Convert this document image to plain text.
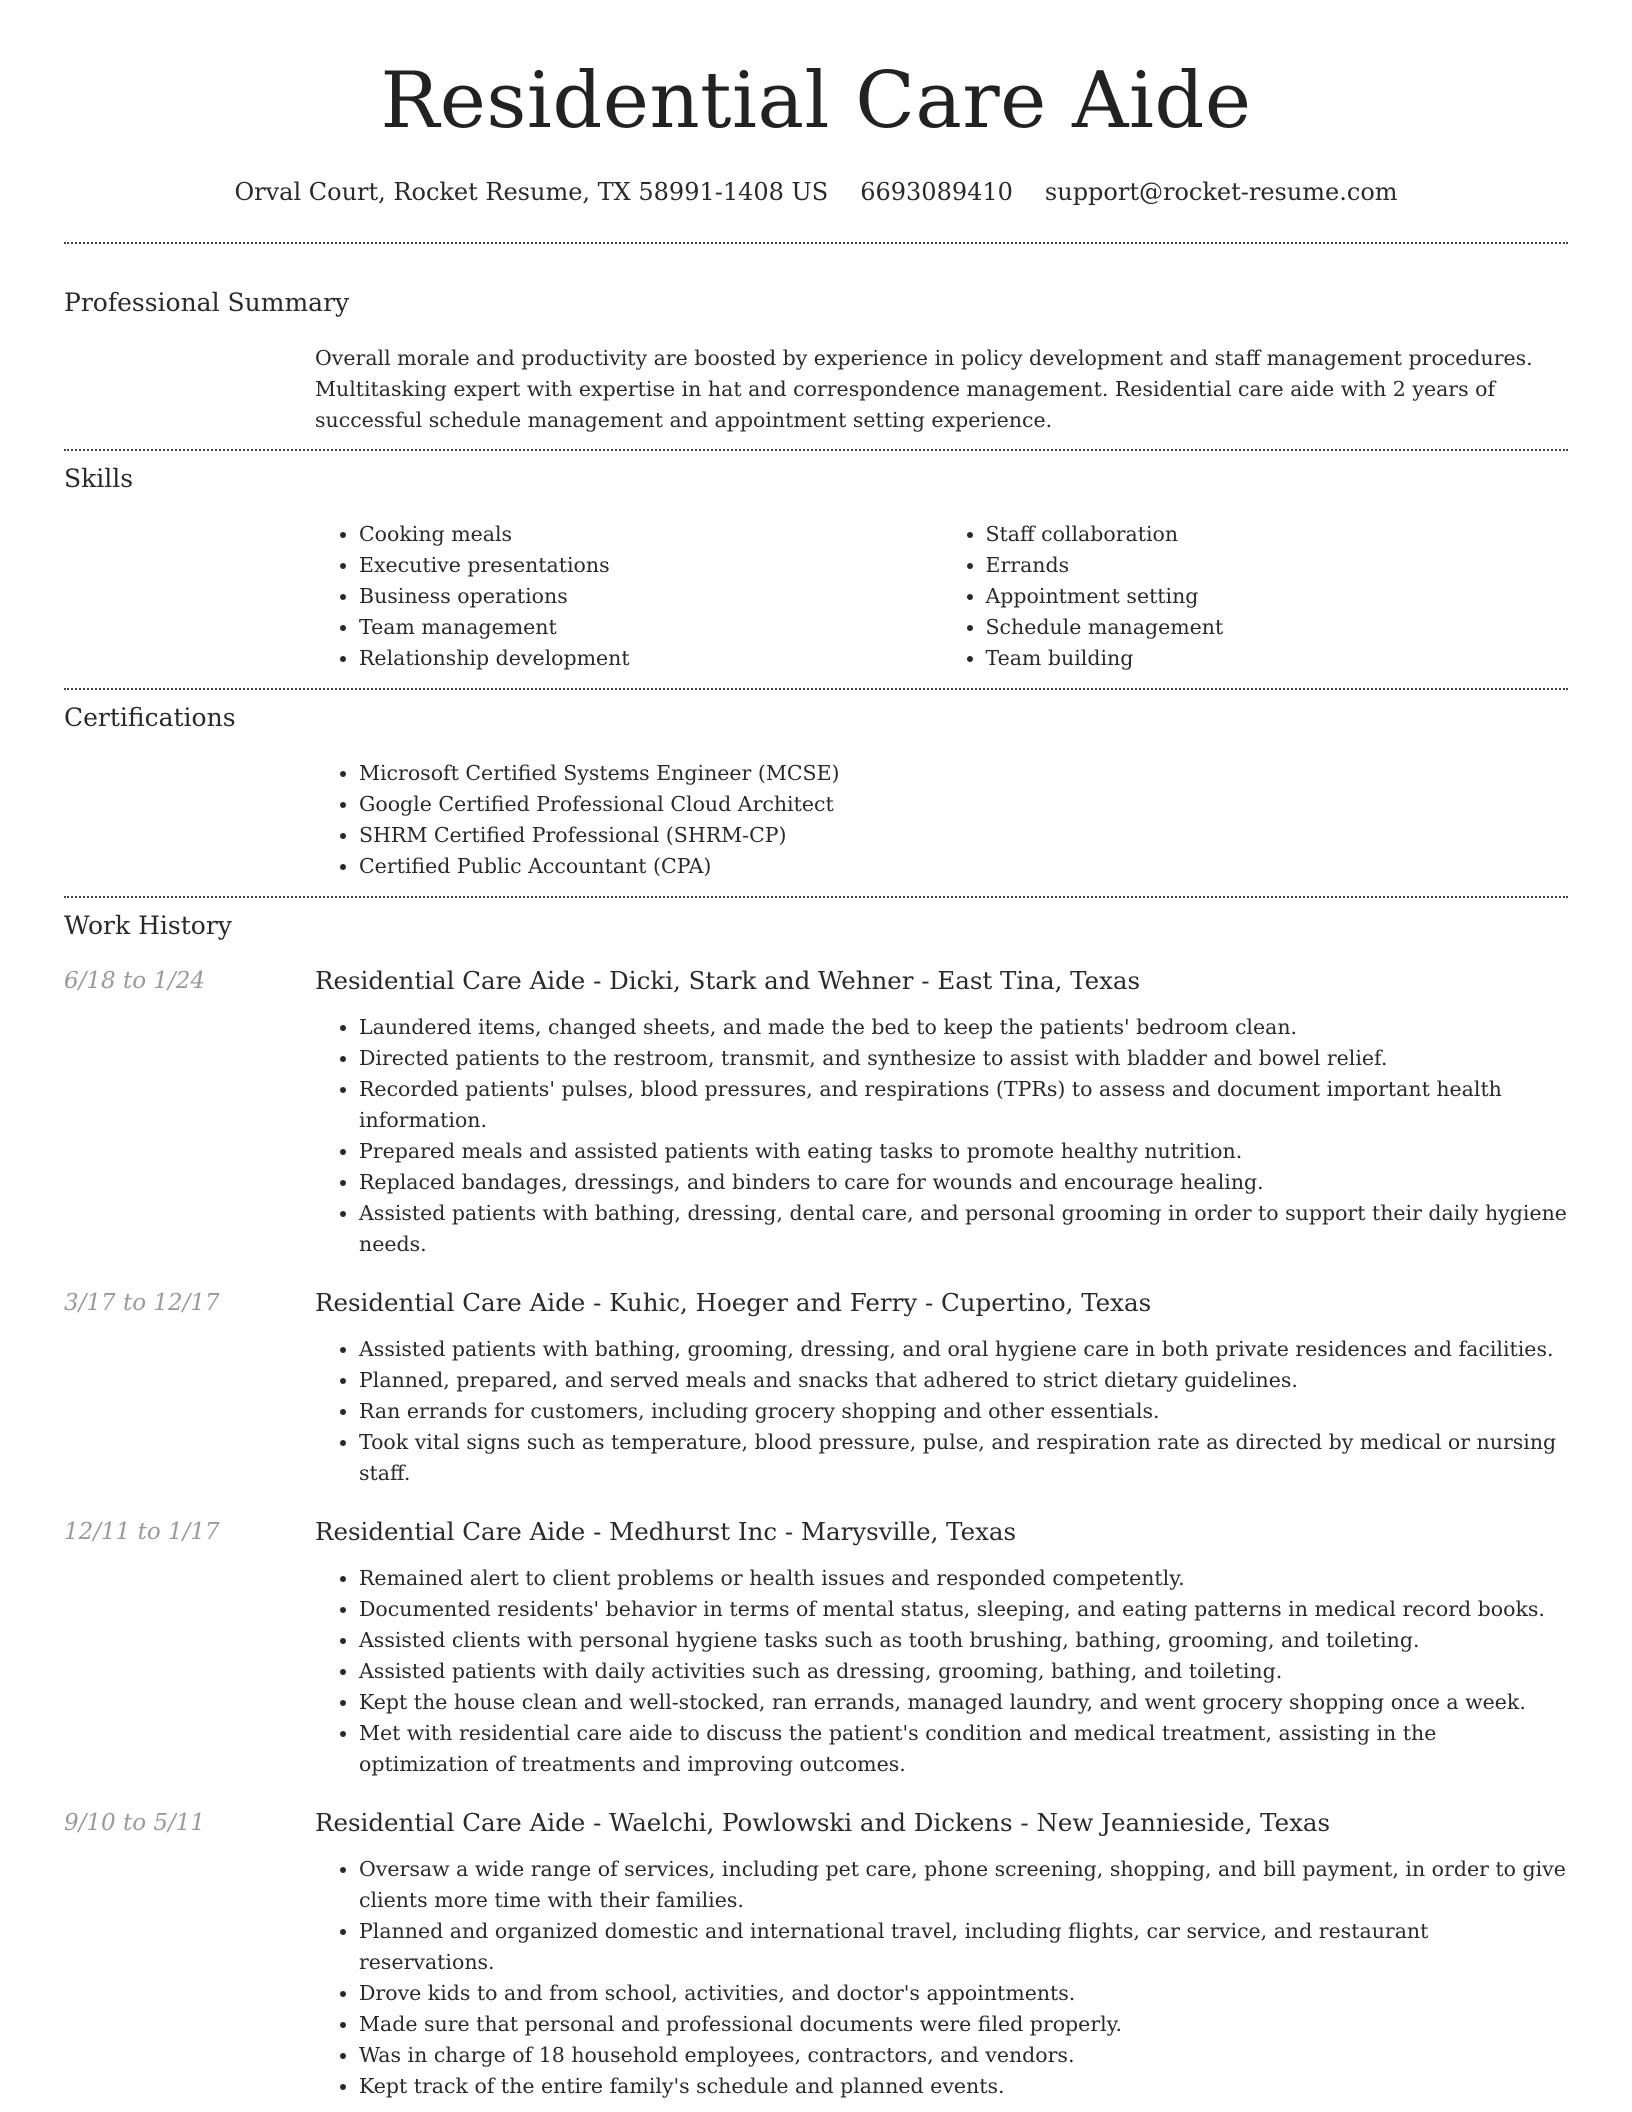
Residential Care Aide
Orval Court, Rocket Resume, TX 58991-1408 US 6693089410 support@rocket-resume.com
Professional Summary
Overall morale and productivity are boosted by experience in policy development and staff management procedures. Multitasking expert with expertise in hat and correspondence management. Residential care aide with 2 years of successful schedule management and appointment setting experience.
Skills
• Cooking meals
• Executive presentations
• Business operations
• Team management
• Relationship development
• Staff collaboration
• Errands
• Appointment setting
• Schedule management
• Team building
Certifications
• Microsoft Certified Systems Engineer (MCSE)
• Google Certified Professional Cloud Architect
• SHRM Certified Professional (SHRM-CP)
• Certified Public Accountant (CPA)
Work History
6/18 to 1/24	Residential Care Aide - Dicki, Stark and Wehner - East Tina, Texas
• Laundered items, changed sheets, and made the bed to keep the patients' bedroom clean.
• Directed patients to the restroom, transmit, and synthesize to assist with bladder and bowel relief.
• Recorded patients' pulses, blood pressures, and respirations (TPRs) to assess and document important health information.
• Prepared meals and assisted patients with eating tasks to promote healthy nutrition.
• Replaced bandages, dressings, and binders to care for wounds and encourage healing.
• Assisted patients with bathing, dressing, dental care, and personal grooming in order to support their daily hygiene needs.
3/17 to 12/17	Residential Care Aide - Kuhic, Hoeger and Ferry - Cupertino, Texas
• Assisted patients with bathing, grooming, dressing, and oral hygiene care in both private residences and facilities.
• Planned, prepared, and served meals and snacks that adhered to strict dietary guidelines.
• Ran errands for customers, including grocery shopping and other essentials.
• Took vital signs such as temperature, blood pressure, pulse, and respiration rate as directed by medical or nursing staff.
12/11 to 1/17	Residential Care Aide - Medhurst Inc - Marysville, Texas
• Remained alert to client problems or health issues and responded competently.
• Documented residents' behavior in terms of mental status, sleeping, and eating patterns in medical record books.
• Assisted clients with personal hygiene tasks such as tooth brushing, bathing, grooming, and toileting.
• Assisted patients with daily activities such as dressing, grooming, bathing, and toileting.
• Kept the house clean and well-stocked, ran errands, managed laundry, and went grocery shopping once a week.
• Met with residential care aide to discuss the patient's condition and medical treatment, assisting in the optimization of treatments and improving outcomes.
9/10 to 5/11	Residential Care Aide - Waelchi, Powlowski and Dickens - New Jeannieside, Texas
• Oversaw a wide range of services, including pet care, phone screening, shopping, and bill payment, in order to give clients more time with their families.
• Planned and organized domestic and international travel, including flights, car service, and restaurant reservations.
• Drove kids to and from school, activities, and doctor's appointments.
• Made sure that personal and professional documents were filed properly.
• Was in charge of 18 household employees, contractors, and vendors.
• Kept track of the entire family's schedule and planned events.
